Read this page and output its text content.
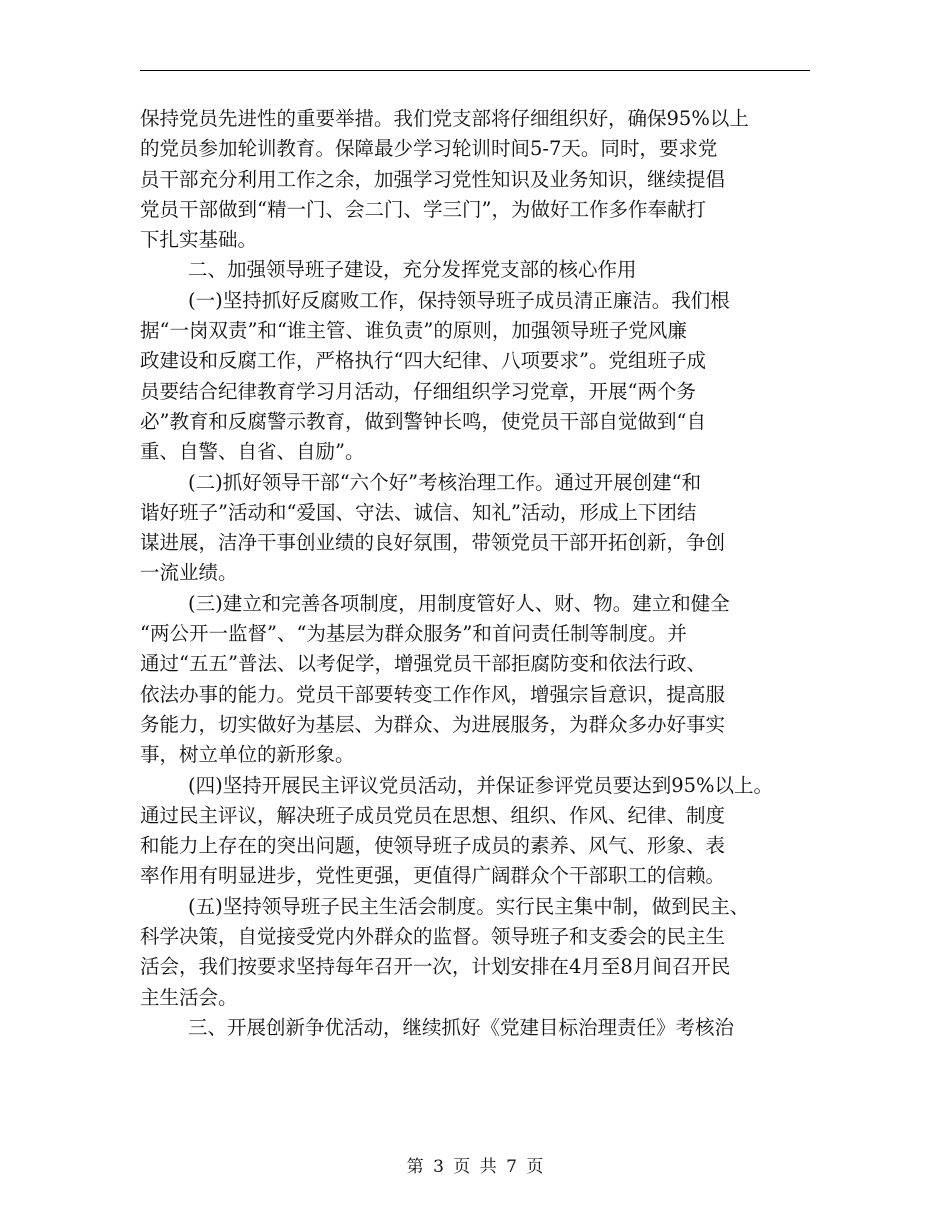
保持党员先进性的重要举措。我们党支部将仔细组织好，确保95%以上
的党员参加轮训教育。保障最少学习轮训时间5-7天。同时，要求党
员干部充分利用工作之余，加强学习党性知识及业务知识，继续提倡
党员干部做到“精一门、会二门、学三门”，为做好工作多作奉献打
下扎实基础。
二、加强领导班子建设，充分发挥党支部的核心作用
(一)坚持抓好反腐败工作，保持领导班子成员清正廉洁。我们根
据“一岗双责”和“谁主管、谁负责”的原则，加强领导班子党风廉
政建设和反腐工作，严格执行“四大纪律、八项要求”。党组班子成
员要结合纪律教育学习月活动，仔细组织学习党章，开展“两个务
必”教育和反腐警示教育，做到警钟长鸣，使党员干部自觉做到“自
重、自警、自省、自励”。
(二)抓好领导干部“六个好”考核治理工作。通过开展创建“和
谐好班子”活动和“爱国、守法、诚信、知礼”活动，形成上下团结
谋进展，洁净干事创业绩的良好氛围，带领党员干部开拓创新，争创
一流业绩。
(三)建立和完善各项制度，用制度管好人、财、物。建立和健全
“两公开一监督”、“为基层为群众服务”和首问责任制等制度。并
通过“五五”普法、以考促学，增强党员干部拒腐防变和依法行政、
依法办事的能力。党员干部要转变工作作风，增强宗旨意识，提高服
务能力，切实做好为基层、为群众、为进展服务，为群众多办好事实
事，树立单位的新形象。
(四)坚持开展民主评议党员活动，并保证参评党员要达到95%以上。
通过民主评议，解决班子成员党员在思想、组织、作风、纪律、制度
和能力上存在的突出问题，使领导班子成员的素养、风气、形象、表
率作用有明显进步，党性更强，更值得广阔群众个干部职工的信赖。
(五)坚持领导班子民主生活会制度。实行民主集中制，做到民主、
科学决策，自觉接受党内外群众的监督。领导班子和支委会的民主生
活会，我们按要求坚持每年召开一次，计划安排在4月至8月间召开民
主生活会。
三、开展创新争优活动，继续抓好《党建目标治理责任》考核治
第 3 页 共 7 页
